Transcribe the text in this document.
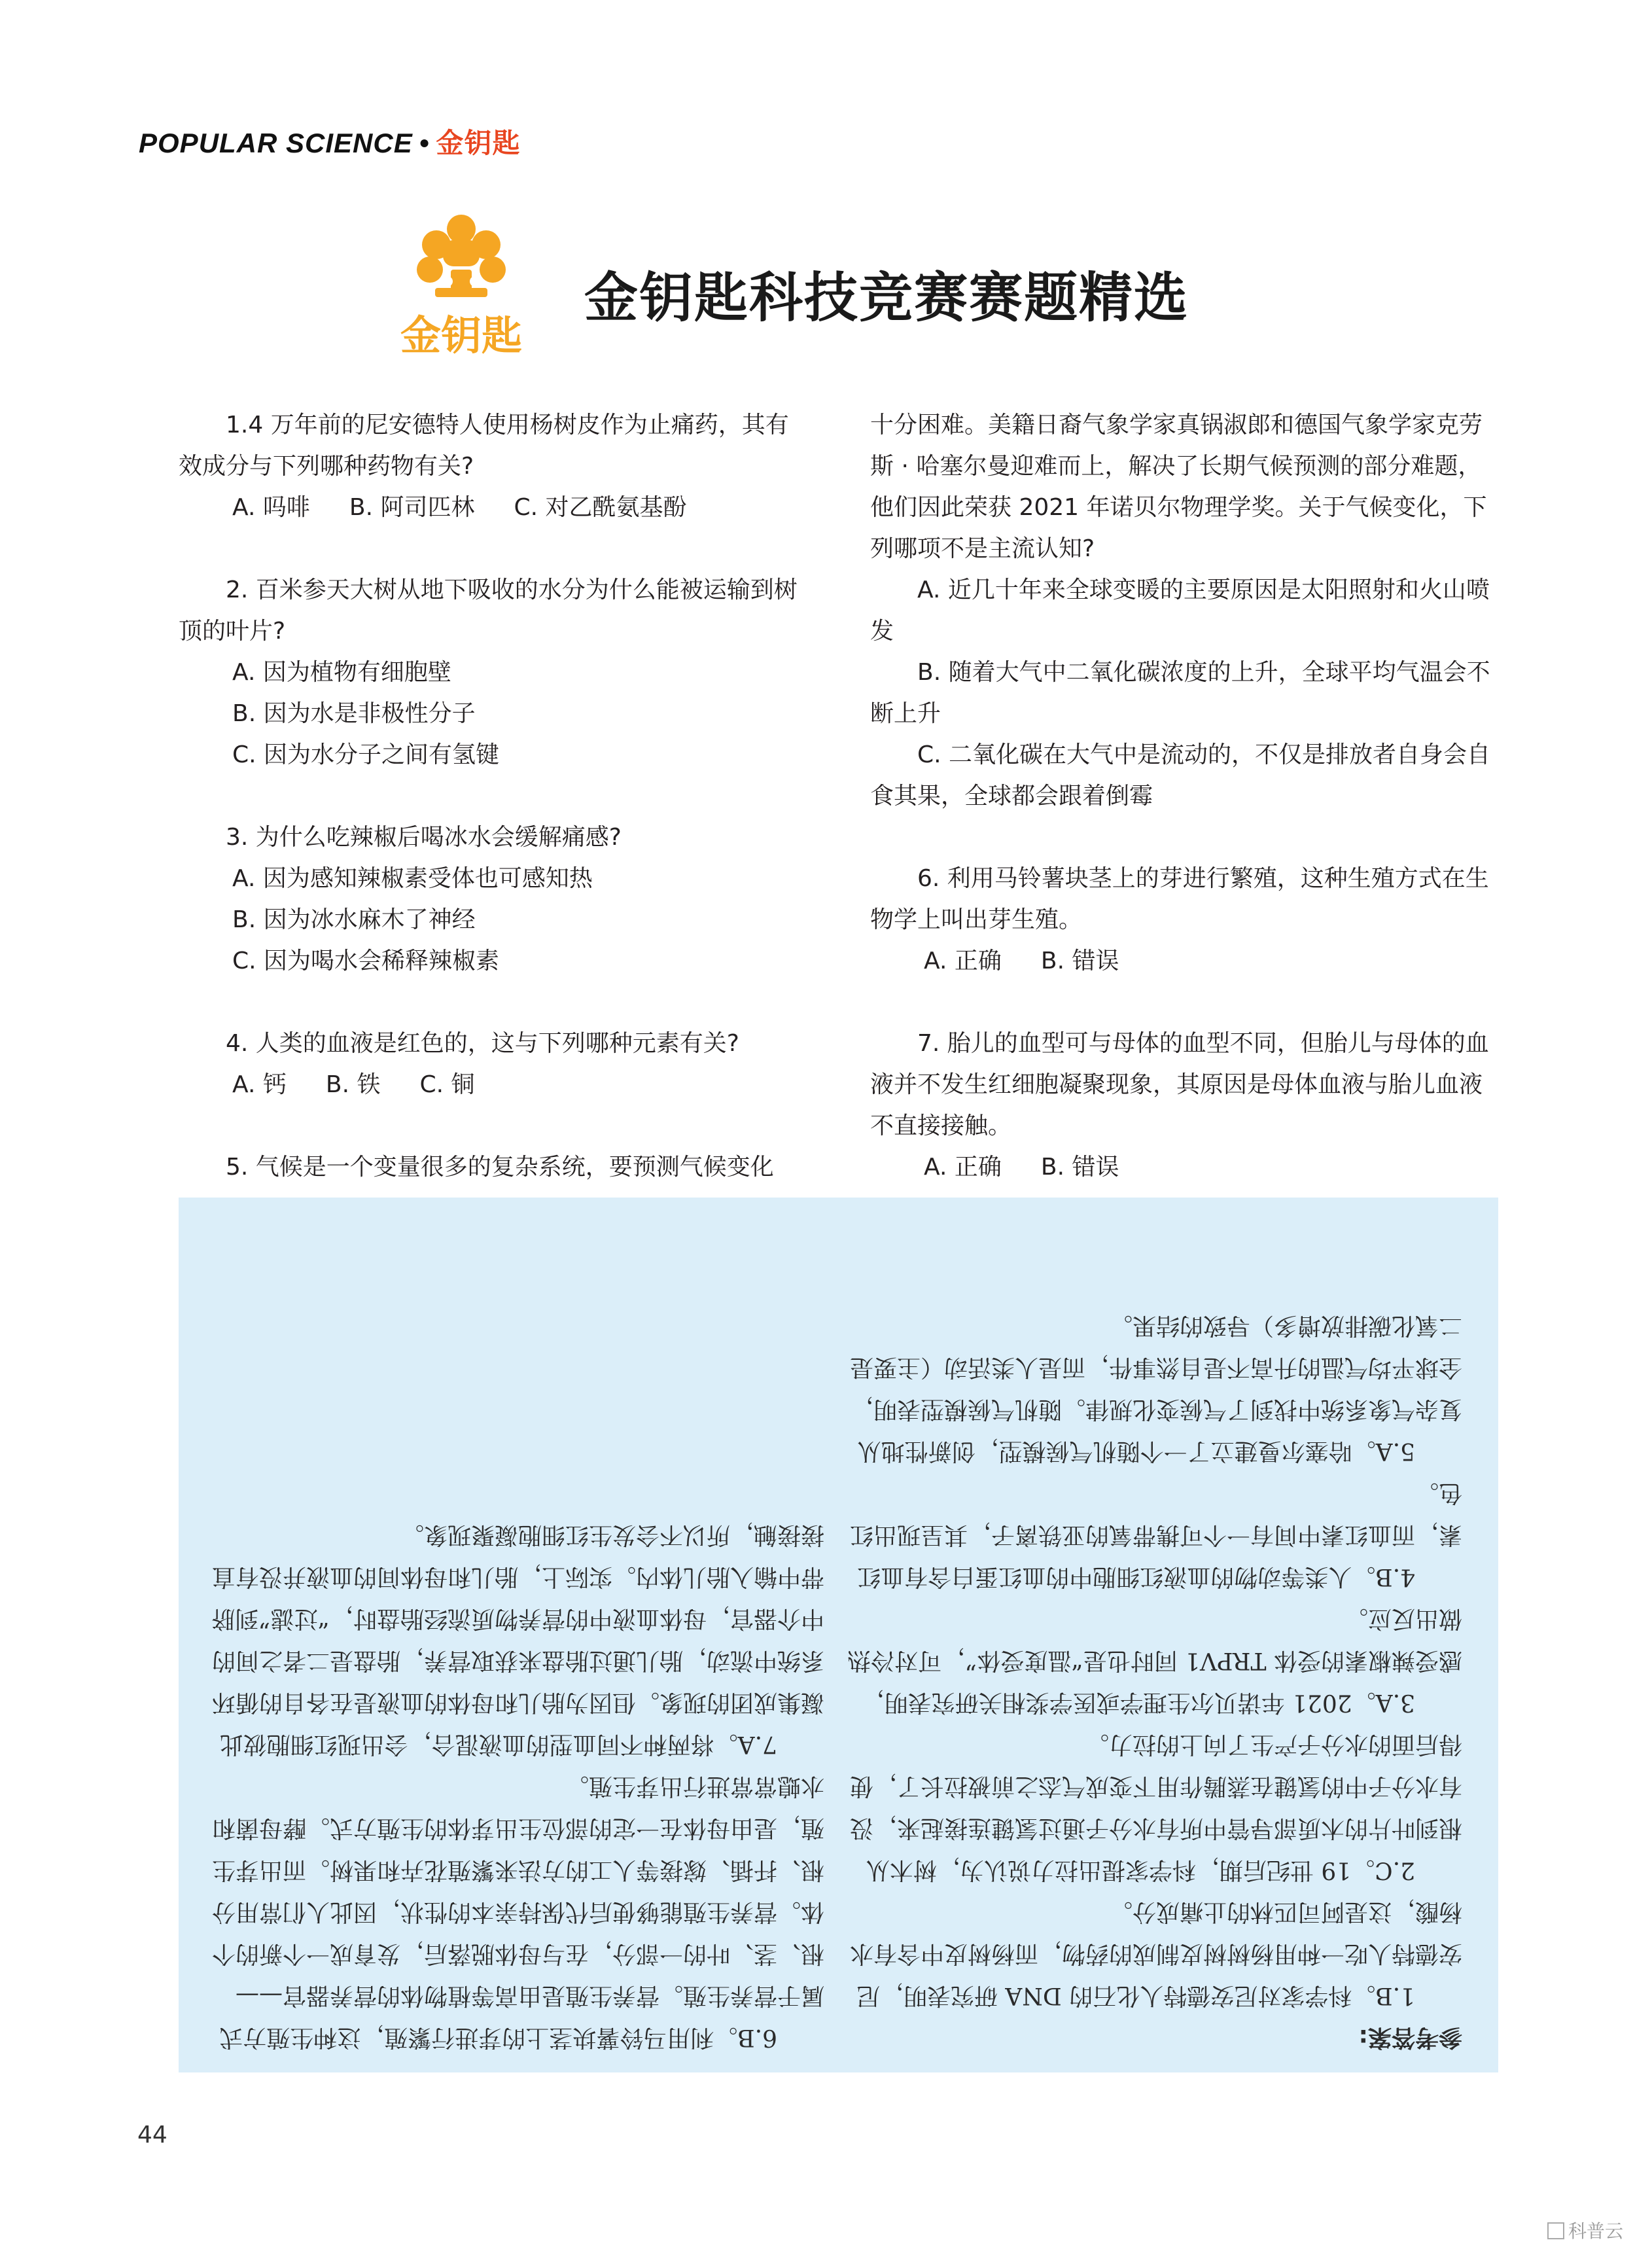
POPULAR SCIENCE • 金钥匙
金钥匙
金钥匙科技竞赛赛题精选

1.4 万年前的尼安德特人使用杨树皮作为止痛药，其有效成分与下列哪种药物有关?

A. 吗啡 B. 阿司匹林 C. 对乙酰氨基酚

2. 百米参天大树从地下吸收的水分为什么能被运输到树顶的叶片?

A. 因为植物有细胞壁

B. 因为水是非极性分子

C. 因为水分子之间有氢键

3. 为什么吃辣椒后喝冰水会缓解痛感?

A. 因为感知辣椒素受体也可感知热

B. 因为冰水麻木了神经

C. 因为喝水会稀释辣椒素

4. 人类的血液是红色的，这与下列哪种元素有关?

A. 钙 B. 铁 C. 铜

5. 气候是一个变量很多的复杂系统，要预测气候变化

十分困难。美籍日裔气象学家真锅淑郎和德国气象学家克劳斯 · 哈塞尔曼迎难而上，解决了长期气候预测的部分难题，他们因此荣获 2021 年诺贝尔物理学奖。关于气候变化，下列哪项不是主流认知?

A. 近几十年来全球变暖的主要原因是太阳照射和火山喷发

B. 随着大气中二氧化碳浓度的上升，全球平均气温会不断上升

C. 二氧化碳在大气中是流动的，不仅是排放者自身会自食其果，全球都会跟着倒霉

6. 利用马铃薯块茎上的芽进行繁殖，这种生殖方式在生物学上叫出芽生殖。

A. 正确 B. 错误

7. 胎儿的血型可与母体的血型不同，但胎儿与母体的血液并不发生红细胞凝聚现象，其原因是母体血液与胎儿血液不直接接触。

A. 正确 B. 错误

参考答案:

1.B。科学家对尼安德特人化石的 DNA 研究表明，尼安德特人吃一种用杨树树皮制成的药物，而杨树皮中含有水杨酸，这是阿司匹林的止痛成分。

2.C。19 世纪后期，科学家提出拉力说认为，树木从根到叶片的木质部导管中所有水分子通过氢键连接起来，没有水分子中的氢键在蒸腾作用下变成气态之前被拉长了，使得后面的水分子产生了向上的拉力。

3.A。2021 年诺贝尔生理学或医学奖相关研究表明，感受辣椒素的受体 TRPV1 同时也是“温度受体”，可对冷热做出反应。

4.B。人类等动物的血液红细胞中的血红蛋白含有血红素，而血红素中间有一个可携带氧的亚铁离子，其呈现出红色。

5.A。哈塞尔曼建立了一个随机气候模型，创新性地从复杂气象系统中找到了气候变化规律。随机气候模型表明，全球平均气温的升高不是自然事件，而是人类活动（主要是二氧化碳排放增多）导致的结果。

6.B。利用马铃薯块茎上的芽进行繁殖，这种生殖方式属于营养生殖。营养生殖是由高等植物体的营养器官——根、茎、叶的一部分，在与母体脱落后，发育成一个新的个体。营养生殖能够使后代保持亲本的性状，因此人们常用分根、扦插、嫁接等人工的方法来繁殖花卉和果树。而出芽生殖，是由母体在一定的部位生出芽体的生殖方式。酵母菌和水螅常常进行出芽生殖。

7.A。将两种不同血型的血液混合，会出现红细胞彼此凝集成团的现象。但因为胎儿和母体的血液是在各自的循环系统中流动，胎儿通过胎盘来获取营养，胎盘是二者之间的中介器官，母体血液中的营养物质流经胎盘时，“过滤”到脐带中输入胎儿体内。实际上，胎儿和母体间的血液并没有直接接触，所以不会发生红细胞凝聚现象。

44
科普云
